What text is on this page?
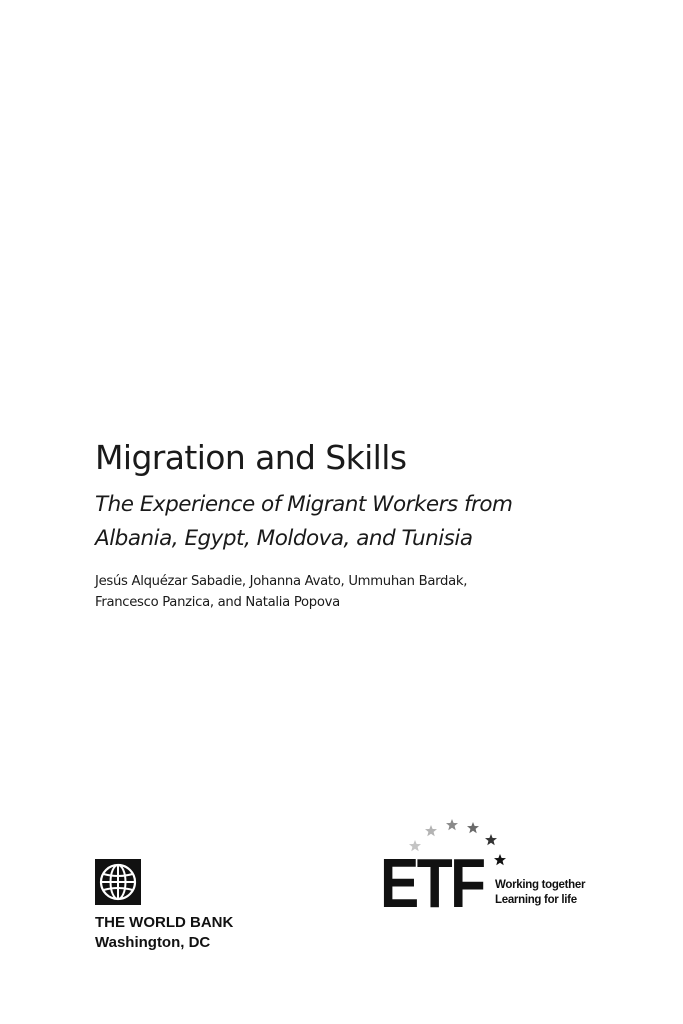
Migration and Skills
The Experience of Migrant Workers from
Albania, Egypt, Moldova, and Tunisia

Jesús Alquézar Sabadie, Johanna Avato, Ummuhan Bardak,
Francesco Panzica, and Natalia Popova

THE WORLD BANK
Washington, DC
ETF Working together
Learning for life
